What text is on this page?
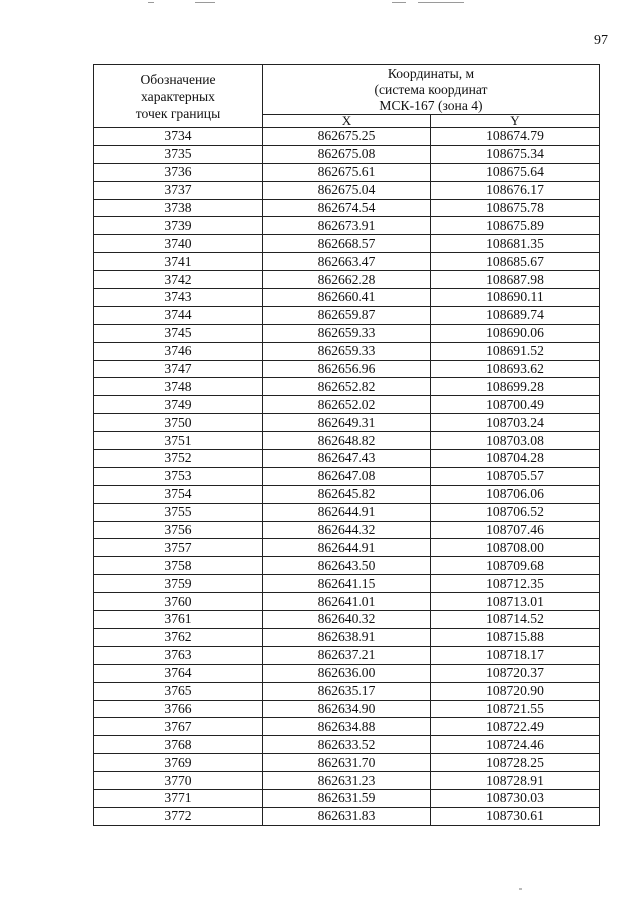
97
Обозначение
характерных
точек границы	Координаты, м
(система координат
МСК-167 (зона 4)	
	X	Y
3734	862675.25	108674.79
3735	862675.08	108675.34
3736	862675.61	108675.64
3737	862675.04	108676.17
3738	862674.54	108675.78
3739	862673.91	108675.89
3740	862668.57	108681.35
3741	862663.47	108685.67
3742	862662.28	108687.98
3743	862660.41	108690.11
3744	862659.87	108689.74
3745	862659.33	108690.06
3746	862659.33	108691.52
3747	862656.96	108693.62
3748	862652.82	108699.28
3749	862652.02	108700.49
3750	862649.31	108703.24
3751	862648.82	108703.08
3752	862647.43	108704.28
3753	862647.08	108705.57
3754	862645.82	108706.06
3755	862644.91	108706.52
3756	862644.32	108707.46
3757	862644.91	108708.00
3758	862643.50	108709.68
3759	862641.15	108712.35
3760	862641.01	108713.01
3761	862640.32	108714.52
3762	862638.91	108715.88
3763	862637.21	108718.17
3764	862636.00	108720.37
3765	862635.17	108720.90
3766	862634.90	108721.55
3767	862634.88	108722.49
3768	862633.52	108724.46
3769	862631.70	108728.25
3770	862631.23	108728.91
3771	862631.59	108730.03
3772	862631.83	108730.61
